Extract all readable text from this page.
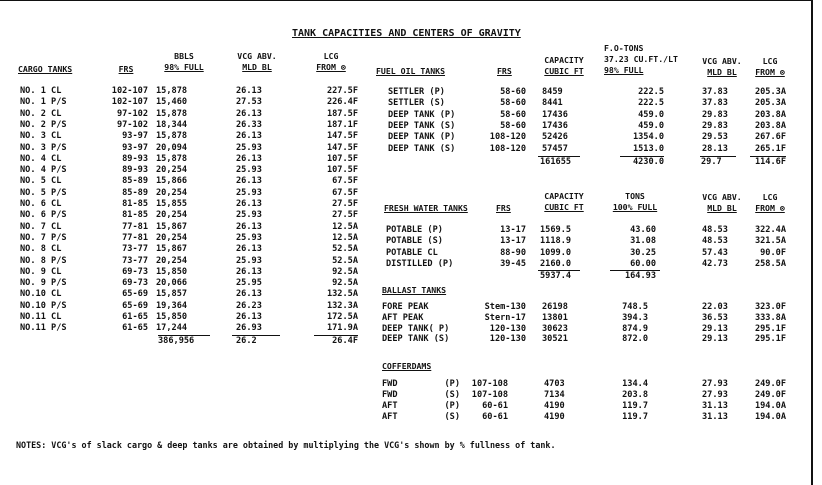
TANK CAPACITIES AND CENTERS OF GRAVITY
BBLS
98% FULL
VCG ABV.
MLD BL
LCG
FROM ⊗
CARGO TANKS	FRS
NO. 1 CL	102-107 15,878	26.13	227.5F
NO. 1 P/S	102-107 15,460	27.53	226.4F
NO. 2 CL	97-102 15,878	26.13	187.5F
NO. 2 P/S	97-102 18,344	26.33	187.1F
NO. 3 CL	93-97 15,878	26.13	147.5F
NO. 3 P/S	93-97 20,094	25.93	147.5F
NO. 4 CL	89-93 15,878	26.13	107.5F
NO. 4 P/S	89-93 20,254	25.93	107.5F
NO. 5 CL	85-89 15,866	26.13	67.5F
NO. 5 P/S	85-89 20,254	25.93	67.5F
NO. 6 CL	81-85 15,855	26.13	27.5F
NO. 6 P/S	81-85 20,254	25.93	27.5F
NO. 7 CL	77-81 15,867	26.13	12.5A
NO. 7 P/S	77-81 20,254	25.93	12.5A
NO. 8 CL	73-77 15,867	26.13	52.5A
NO. 8 P/S	73-77 20,254	25.93	52.5A
NO. 9 CL	69-73 15,850	26.13	92.5A
NO. 9 P/S	69-73 20,066	25.95	92.5A
NO.10 CL	65-69 15,857	26.13	132.5A
NO.10 P/S	65-69 19,364	26.23	132.3A
NO.11 CL	61-65 15,850	26.13	172.5A
NO.11 P/S	61-65 17,244	26.93	171.9A
386,956	26.2	26.4F
CAPACITY
CUBIC FT
F.O-TONS
37.23 CU.FT./LT
98% FULL
VCG ABV.
MLD BL
LCG
FROM ⊗
FUEL OIL TANKS	FRS
SETTLER (P)	58-60 8459	222.5	37.83	205.3A
SETTLER (S)	58-60 8441	222.5	37.83	205.3A
DEEP TANK (P)	58-60 17436	459.0	29.83	203.8A
DEEP TANK (S)	58-60 17436	459.0	29.83	203.8A
DEEP TANK (P)	108-120 52426	1354.0	29.53	267.6F
DEEP TANK (S)	108-120 57457	1513.0	28.13	265.1F
161655	4230.0	29.7	114.6F
CAPACITY
CUBIC FT
TONS
100% FULL
VCG ABV.
MLD BL
LCG
FROM ⊗
FRESH WATER TANKS	FRS
POTABLE (P)	13-17 1569.5	43.60	48.53	322.4A
POTABLE (S)	13-17 1118.9	31.08	48.53	321.5A
POTABLE CL	88-90 1099.0	30.25	57.43	90.0F
DISTILLED (P)	39-45 2160.0	60.00	42.73	258.5A
5937.4	164.93
BALLAST TANKS
FORE PEAK	Stem-130 26198	748.5	22.03	323.0F
AFT PEAK	Stern-17 13801	394.3	36.53	333.8A
DEEP TANK( P)	120-130 30623	874.9	29.13	295.1F
DEEP TANK (S)	120-130 30521	872.0	29.13	295.1F
COFFERDAMS
FWD	(P)	107-108	4703	134.4	27.93	249.0F
FWD	(S)	107-108	7134	203.8	27.93	249.0F
AFT	(P)	60-61	4190	119.7	31.13	194.0A
AFT	(S)	60-61	4190	119.7	31.13	194.0A
NOTES: VCG's of slack cargo & deep tanks are obtained by multiplying the VCG's shown by % fullness of tank.
